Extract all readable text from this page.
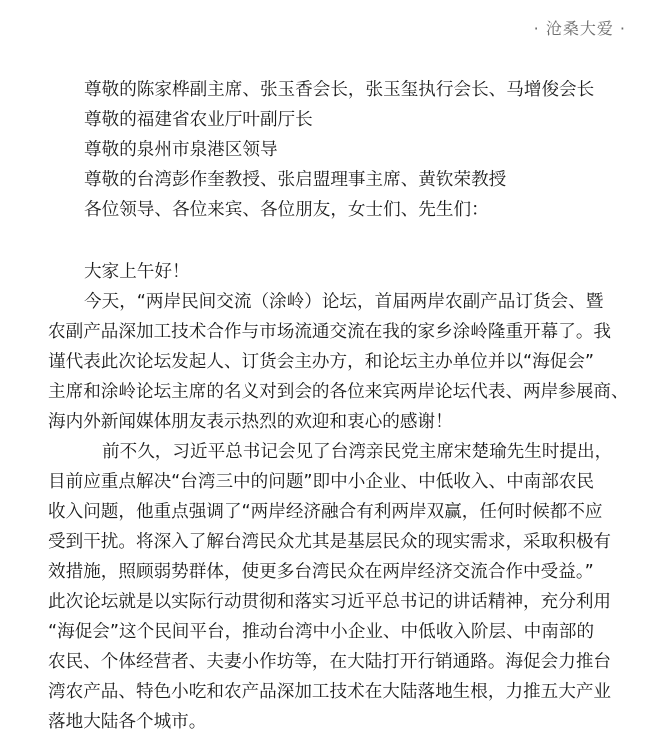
· 沧桑大爱 ·
尊敬的陈家桦副主席、张玉香会长，张玉玺执行会长、马增俊会长
尊敬的福建省农业厅叶副厅长
尊敬的泉州市泉港区领导
尊敬的台湾彭作奎教授、张启盟理事主席、黄钦荣教授
各位领导、各位来宾、各位朋友，女士们、先生们：
大家上午好！
今天，“两岸民间交流（涂岭）论坛，首届两岸农副产品订货会、暨
农副产品深加工技术合作与市场流通交流在我的家乡涂岭隆重开幕了。我
谨代表此次论坛发起人、订货会主办方，和论坛主办单位并以“海促会”
主席和涂岭论坛主席的名义对到会的各位来宾两岸论坛代表、两岸参展商、
海内外新闻媒体朋友表示热烈的欢迎和衷心的感谢！
前不久，习近平总书记会见了台湾亲民党主席宋楚瑜先生时提出，
目前应重点解决“台湾三中的问题”即中小企业、中低收入、中南部农民
收入问题，他重点强调了“两岸经济融合有利两岸双赢，任何时候都不应
受到干扰。将深入了解台湾民众尤其是基层民众的现实需求，采取积极有
效措施，照顾弱势群体，使更多台湾民众在两岸经济交流合作中受益。”
此次论坛就是以实际行动贯彻和落实习近平总书记的讲话精神，充分利用
“海促会”这个民间平台，推动台湾中小企业、中低收入阶层、中南部的
农民、个体经营者、夫妻小作坊等，在大陆打开行销通路。海促会力推台
湾农产品、特色小吃和农产品深加工技术在大陆落地生根，力推五大产业
落地大陆各个城市。
